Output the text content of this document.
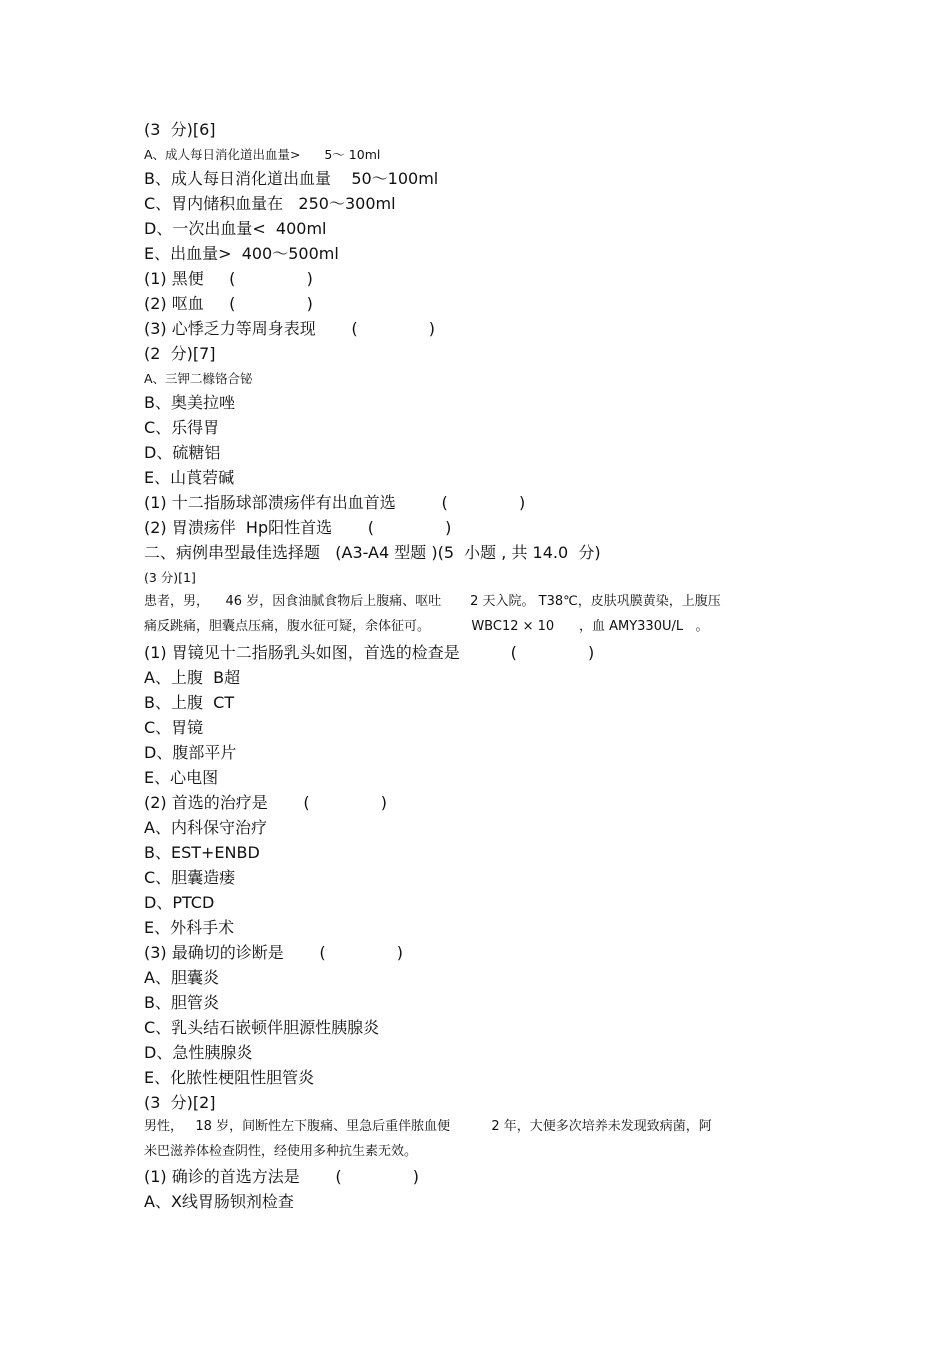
(3  分)[6]
A、成人每日消化道出血量>      5～ 10ml
B、成人每日消化道出血量    50～100ml
C、胃内储积血量在   250～300ml
D、一次出血量<  400ml
E、出血量>  400～500ml
(1) 黑便     (              )
(2) 呕血     (              )
(3) 心悸乏力等周身表现       (              )
(2  分)[7]
A、三钾二橼铬合铋
B、奥美拉唑
C、乐得胃
D、硫糖铝
E、山莨菪碱
(1) 十二指肠球部溃疡伴有出血首选         (              )
(2) 胃溃疡伴  Hp阳性首选       (              )
二、病例串型最佳选择题   (A3-A4 型题 )(5  小题 , 共 14.0  分)
(3 分)[1]
患者，男，    46 岁，因食油腻食物后上腹痛、呕吐       2 天入院。 T38℃，皮肤巩膜黄染，上腹压
痛反跳痛，胆囊点压痛，腹水征可疑，余体征可。          WBC12 × 10      ，血 AMY330U/L   。
(1) 胃镜见十二指肠乳头如图，首选的检查是          (              )
A、上腹  B超
B、上腹  CT
C、胃镜
D、腹部平片
E、心电图
(2) 首选的治疗是       (              )
A、内科保守治疗
B、EST+ENBD
C、胆囊造瘘
D、PTCD
E、外科手术
(3) 最确切的诊断是       (              )
A、胆囊炎
B、胆管炎
C、乳头结石嵌顿伴胆源性胰腺炎
D、急性胰腺炎
E、化脓性梗阻性胆管炎
(3  分)[2]
男性，   18 岁，间断性左下腹痛、里急后重伴脓血便          2 年，大便多次培养未发现致病菌，阿
米巴滋养体检查阴性，经使用多种抗生素无效。
(1) 确诊的首选方法是       (              )
A、X线胃肠钡剂检查
